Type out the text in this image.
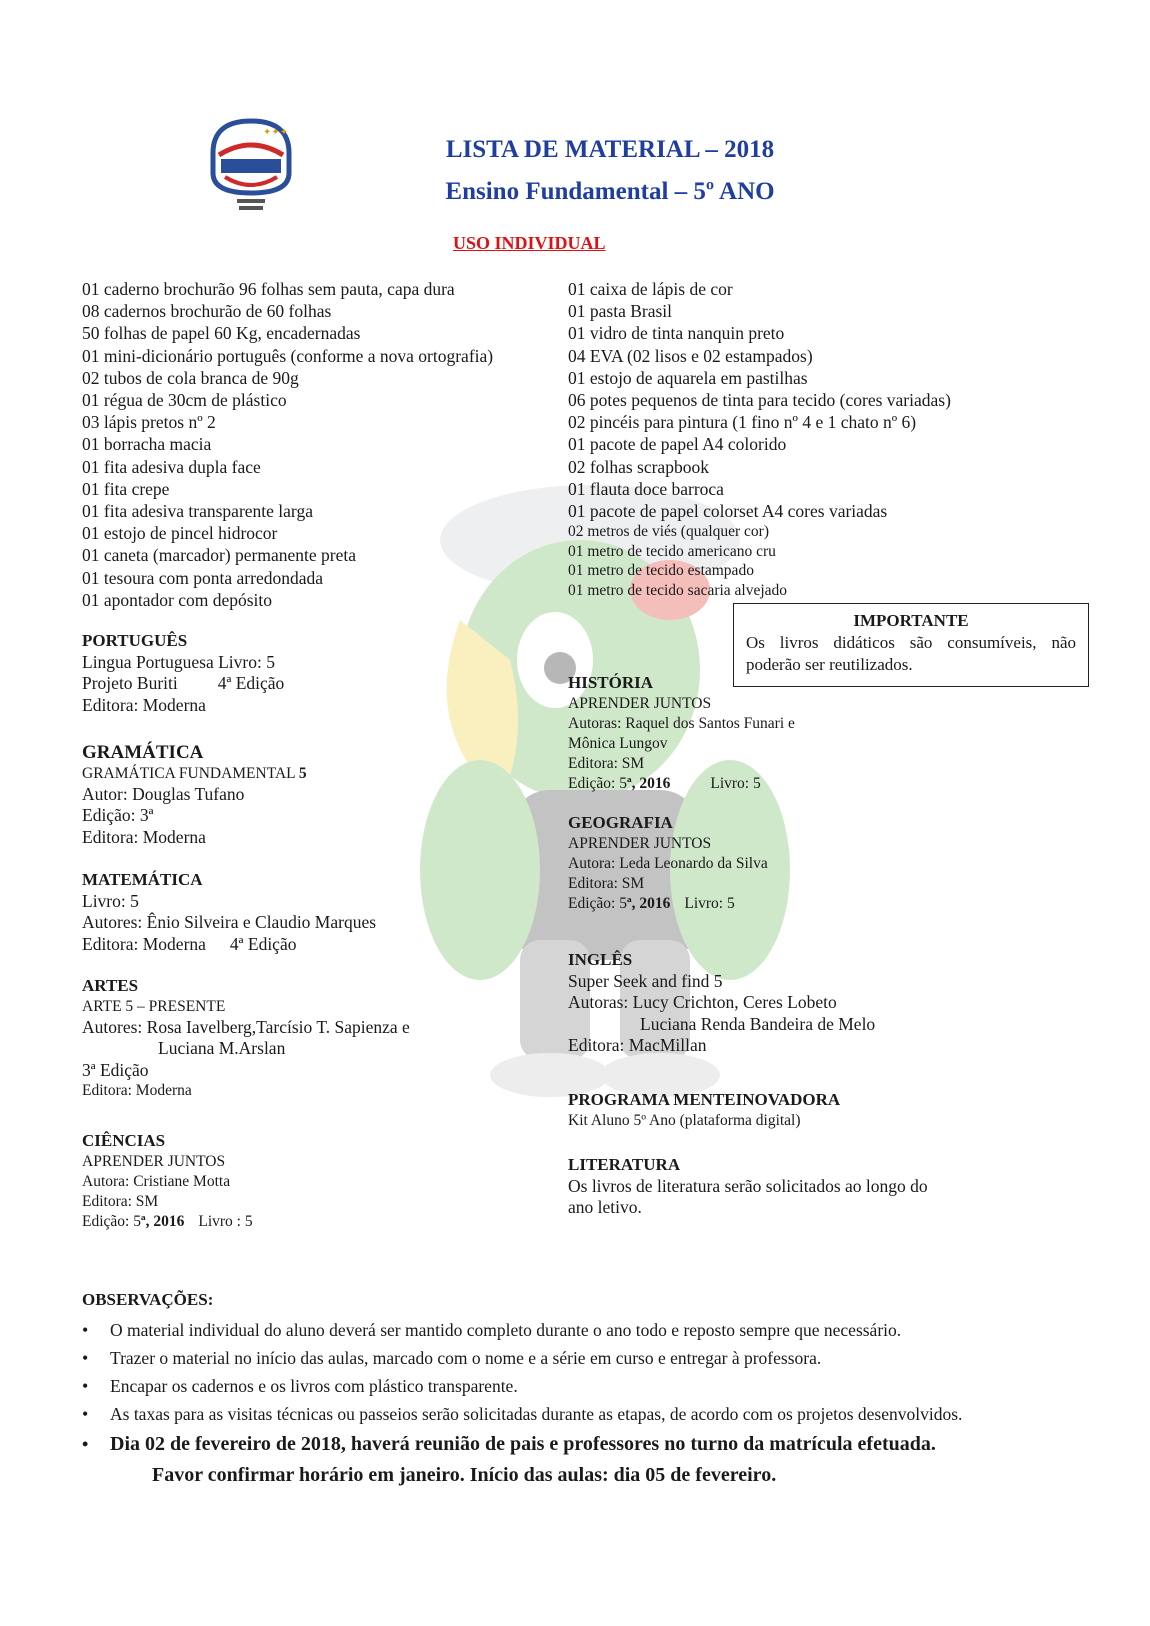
✦✦✦
LISTA DE MATERIAL – 2018
Ensino Fundamental – 5º ANO
USO INDIVIDUAL
01 caderno brochurão 96 folhas sem pauta, capa dura
08 cadernos brochurão de 60 folhas
50 folhas de papel 60 Kg, encadernadas
01 mini-dicionário português (conforme a nova ortografia)
02 tubos de cola branca de 90g
01 régua de 30cm de plástico
03 lápis pretos nº 2
01 borracha macia
01 fita adesiva dupla face
01 fita crepe
01 fita adesiva transparente larga
01 estojo de pincel hidrocor
01 caneta (marcador) permanente preta
01 tesoura com ponta arredondada
01 apontador com depósito
01 caixa de lápis de cor
01 pasta Brasil
01 vidro de tinta nanquin preto
04 EVA (02 lisos e 02 estampados)
01 estojo de aquarela em pastilhas
06 potes pequenos de tinta para tecido (cores variadas)
02 pincéis para pintura (1 fino nº 4 e 1 chato nº 6)
01 pacote de papel A4 colorido
02 folhas scrapbook
01 flauta doce barroca
01 pacote de papel colorset A4 cores variadas
02 metros de viés (qualquer cor)
01 metro de tecido americano cru
01 metro de tecido estampado
01 metro de tecido sacaria alvejado
IMPORTANTE
Os livros didáticos são consumíveis, não poderão ser reutilizados.
PORTUGUÊS
Lingua Portuguesa Livro: 5
Projeto Buriti 4ª Edição
Editora: Moderna
GRAMÁTICA
GRAMÁTICA FUNDAMENTAL 5
Autor: Douglas Tufano
Edição: 3ª
Editora: Moderna
MATEMÁTICA
Livro: 5
Autores: Ênio Silveira e Claudio Marques
Editora: Moderna 4ª Edição
ARTES
ARTE 5 – PRESENTE
Autores: Rosa Iavelberg,Tarcísio T. Sapienza e
Luciana M.Arslan
3ª Edição
Editora: Moderna
CIÊNCIAS
APRENDER JUNTOS
Autora: Cristiane Motta
Editora: SM
Edição: 5ª, 2016 Livro : 5
HISTÓRIA
APRENDER JUNTOS
Autoras: Raquel dos Santos Funari e
Mônica Lungov
Editora: SM
Edição: 5ª, 2016	Livro: 5
GEOGRAFIA
APRENDER JUNTOS
Autora: Leda Leonardo da Silva
Editora: SM
Edição: 5ª, 2016 Livro: 5
INGLÊS
Super Seek and find 5
Autoras: Lucy Crichton, Ceres Lobeto
Luciana Renda Bandeira de Melo
Editora: MacMillan
PROGRAMA MENTEINOVADORA
Kit Aluno 5º Ano (plataforma digital)
LITERATURA
Os livros de literatura serão solicitados ao longo do
ano letivo.
OBSERVAÇÕES:
• O material individual do aluno deverá ser mantido completo durante o ano todo e reposto sempre que necessário.
• Trazer o material no início das aulas, marcado com o nome e a série em curso e entregar à professora.
• Encapar os cadernos e os livros com plástico transparente.
• As taxas para as visitas técnicas ou passeios serão solicitadas durante as etapas, de acordo com os projetos desenvolvidos.
• Dia 02 de fevereiro de 2018, haverá reunião de pais e professores no turno da matrícula efetuada.
Favor confirmar horário em janeiro. Início das aulas: dia 05 de fevereiro.
